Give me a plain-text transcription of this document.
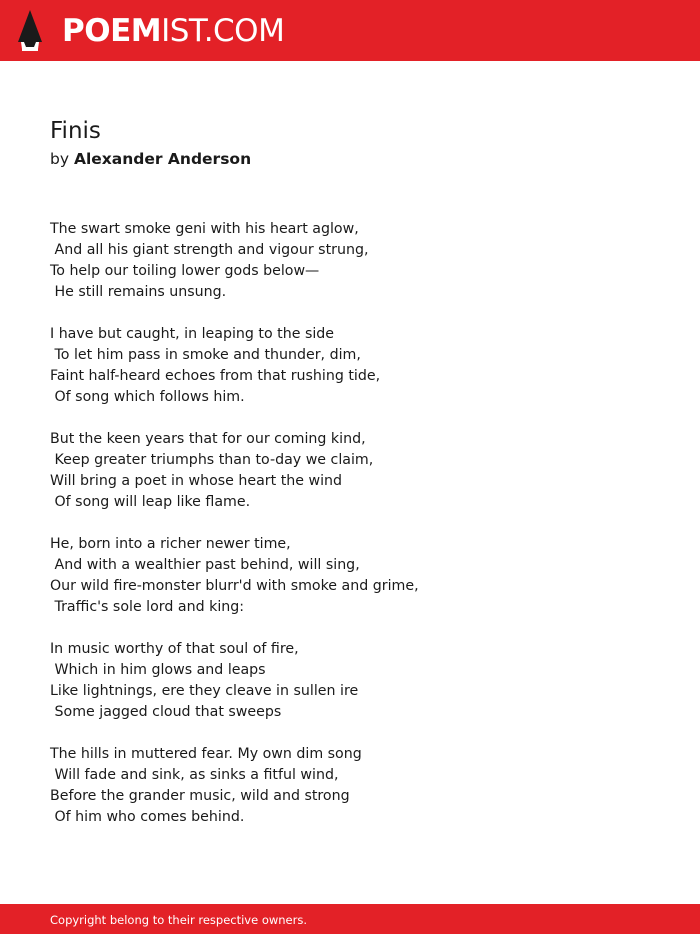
POEMIST.COM
Finis
by Alexander Anderson
The swart smoke geni with his heart aglow,
And all his giant strength and vigour strung,
To help our toiling lower gods below—
He still remains unsung.
I have but caught, in leaping to the side
To let him pass in smoke and thunder, dim,
Faint half-heard echoes from that rushing tide,
Of song which follows him.
But the keen years that for our coming kind,
Keep greater triumphs than to-day we claim,
Will bring a poet in whose heart the wind
Of song will leap like flame.
He, born into a richer newer time,
And with a wealthier past behind, will sing,
Our wild fire-monster blurr'd with smoke and grime,
Traffic's sole lord and king:
In music worthy of that soul of fire,
Which in him glows and leaps
Like lightnings, ere they cleave in sullen ire
Some jagged cloud that sweeps
The hills in muttered fear. My own dim song
Will fade and sink, as sinks a fitful wind,
Before the grander music, wild and strong
Of him who comes behind.
Copyright belong to their respective owners.
